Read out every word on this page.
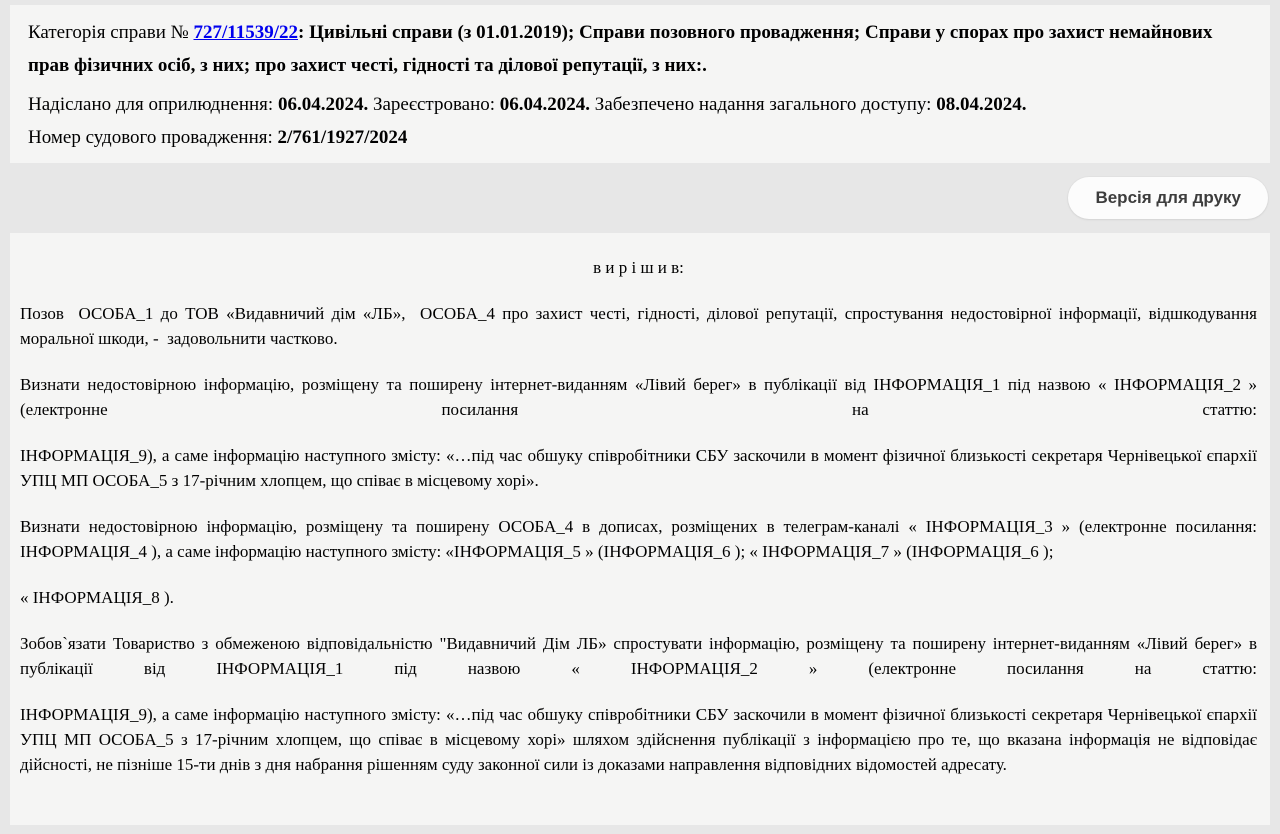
Категорія справи № 727/11539/22: Цивільні справи (з 01.01.2019); Справи позовного провадження; Справи у спорах про захист немайнових прав фізичних осіб, з них; про захист честі, гідності та ділової репутації, з них:.

Надіслано для оприлюднення: 06.04.2024. Зареєстровано: 06.04.2024. Забезпечено надання загального доступу: 08.04.2024.

Номер судового провадження: 2/761/1927/2024

Версія для друку

в и р і ш и в:

Позов  ОСОБА_1 до ТОВ «Видавничий дім «ЛБ»,  ОСОБА_4 про захист честі, гідності, ділової репутації, спростування недостовірної інформації, відшкодування моральної шкоди, -  задовольнити частково.

Визнати недостовірною інформацію, розміщену та поширену інтернет-виданням «Лівий берег» в публікації від ІНФОРМАЦІЯ_1 під назвою « ІНФОРМАЦІЯ_2 » (електронне посилання на статтю:

ІНФОРМАЦІЯ_9), а саме інформацію наступного змісту: «…під час обшуку співробітники СБУ заскочили в момент фізичної близькості секретаря Чернівецької єпархії УПЦ МП ОСОБА_5 з 17-річним хлопцем, що співає в місцевому хорі».

Визнати недостовірною інформацію, розміщену та поширену ОСОБА_4 в дописах, розміщених в телеграм-каналі « ІНФОРМАЦІЯ_3 » (електронне посилання: ІНФОРМАЦІЯ_4 ), а саме інформацію наступного змісту: «ІНФОРМАЦІЯ_5 » (ІНФОРМАЦІЯ_6 ); « ІНФОРМАЦІЯ_7 » (ІНФОРМАЦІЯ_6 );

« ІНФОРМАЦІЯ_8 ).

Зобов`язати Товариство з обмеженою відповідальністю "Видавничий Дім ЛБ» спростувати інформацію, розміщену та поширену інтернет-виданням «Лівий берег» в публікації від ІНФОРМАЦІЯ_1 під назвою « ІНФОРМАЦІЯ_2 » (електронне посилання на статтю:

ІНФОРМАЦІЯ_9), а саме інформацію наступного змісту: «…під час обшуку співробітники СБУ заскочили в момент фізичної близькості секретаря Чернівецької єпархії УПЦ МП ОСОБА_5 з 17-річним хлопцем, що співає в місцевому хорі» шляхом здійснення публікації з інформацією про те, що вказана інформація не відповідає дійсності, не пізніше 15-ти днів з дня набрання рішенням суду законної сили із доказами направлення відповідних відомостей адресату.
